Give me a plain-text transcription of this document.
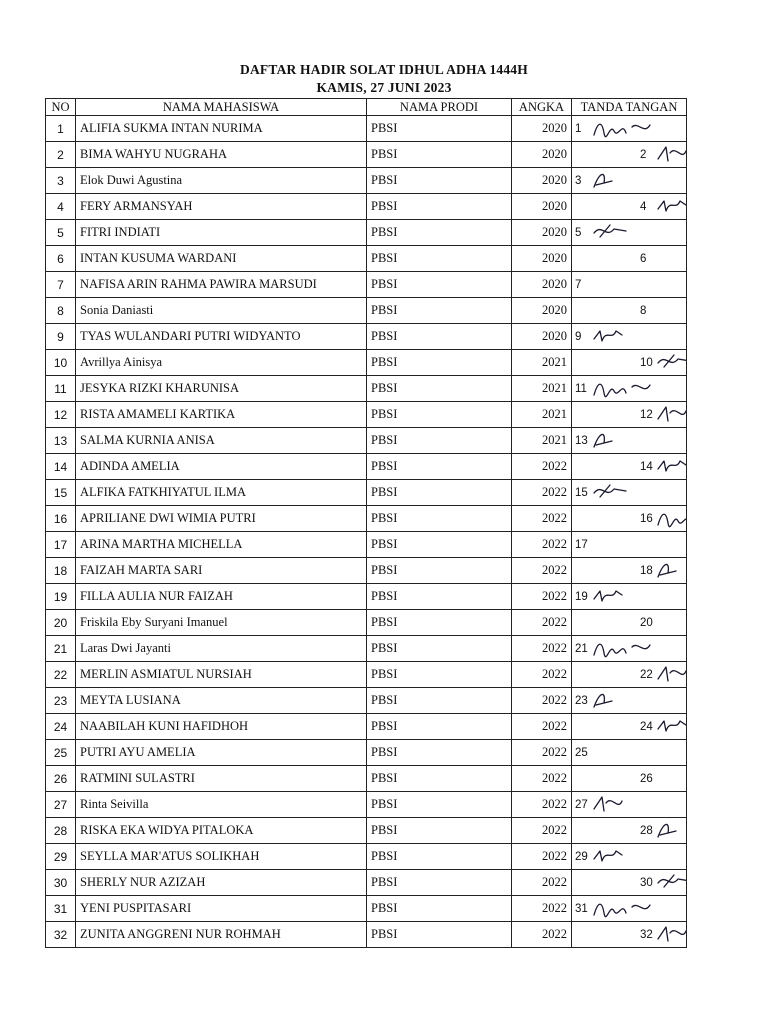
DAFTAR HADIR SOLAT IDHUL ADHA 1444H
KAMIS, 27 JUNI 2023
NO	NAMA MAHASISWA	NAMA PRODI	ANGKA	TANDA TANGAN
1	ALIFIA SUKMA INTAN NURIMA	PBSI	2020	1

2	BIMA WAHYU NUGRAHA	PBSI	2020	2

3	Elok Duwi Agustina	PBSI	2020	3

4	FERY ARMANSYAH	PBSI	2020	4

5	FITRI INDIATI	PBSI	2020	5

6	INTAN KUSUMA WARDANI	PBSI	2020	6

7	NAFISA ARIN RAHMA PAWIRA MARSUDI	PBSI	2020	7

8	Sonia Daniasti	PBSI	2020	8

9	TYAS WULANDARI PUTRI WIDYANTO	PBSI	2020	9

10	Avrillya Ainisya	PBSI	2021	10

11	JESYKA RIZKI KHARUNISA	PBSI	2021	11

12	RISTA AMAMELI KARTIKA	PBSI	2021	12

13	SALMA KURNIA ANISA	PBSI	2021	13

14	ADINDA AMELIA	PBSI	2022	14

15	ALFIKA FATKHIYATUL ILMA	PBSI	2022	15

16	APRILIANE DWI WIMIA PUTRI	PBSI	2022	16

17	ARINA MARTHA MICHELLA	PBSI	2022	17

18	FAIZAH MARTA SARI	PBSI	2022	18

19	FILLA AULIA NUR FAIZAH	PBSI	2022	19

20	Friskila Eby Suryani Imanuel	PBSI	2022	20

21	Laras Dwi Jayanti	PBSI	2022	21

22	MERLIN ASMIATUL NURSIAH	PBSI	2022	22

23	MEYTA LUSIANA	PBSI	2022	23

24	NAABILAH KUNI HAFIDHOH	PBSI	2022	24

25	PUTRI AYU AMELIA	PBSI	2022	25

26	RATMINI SULASTRI	PBSI	2022	26

27	Rinta Seivilla	PBSI	2022	27

28	RISKA EKA WIDYA PITALOKA	PBSI	2022	28

29	SEYLLA MAR'ATUS SOLIKHAH	PBSI	2022	29

30	SHERLY NUR AZIZAH	PBSI	2022	30

31	YENI PUSPITASARI	PBSI	2022	31

32	ZUNITA ANGGRENI NUR ROHMAH	PBSI	2022	32
